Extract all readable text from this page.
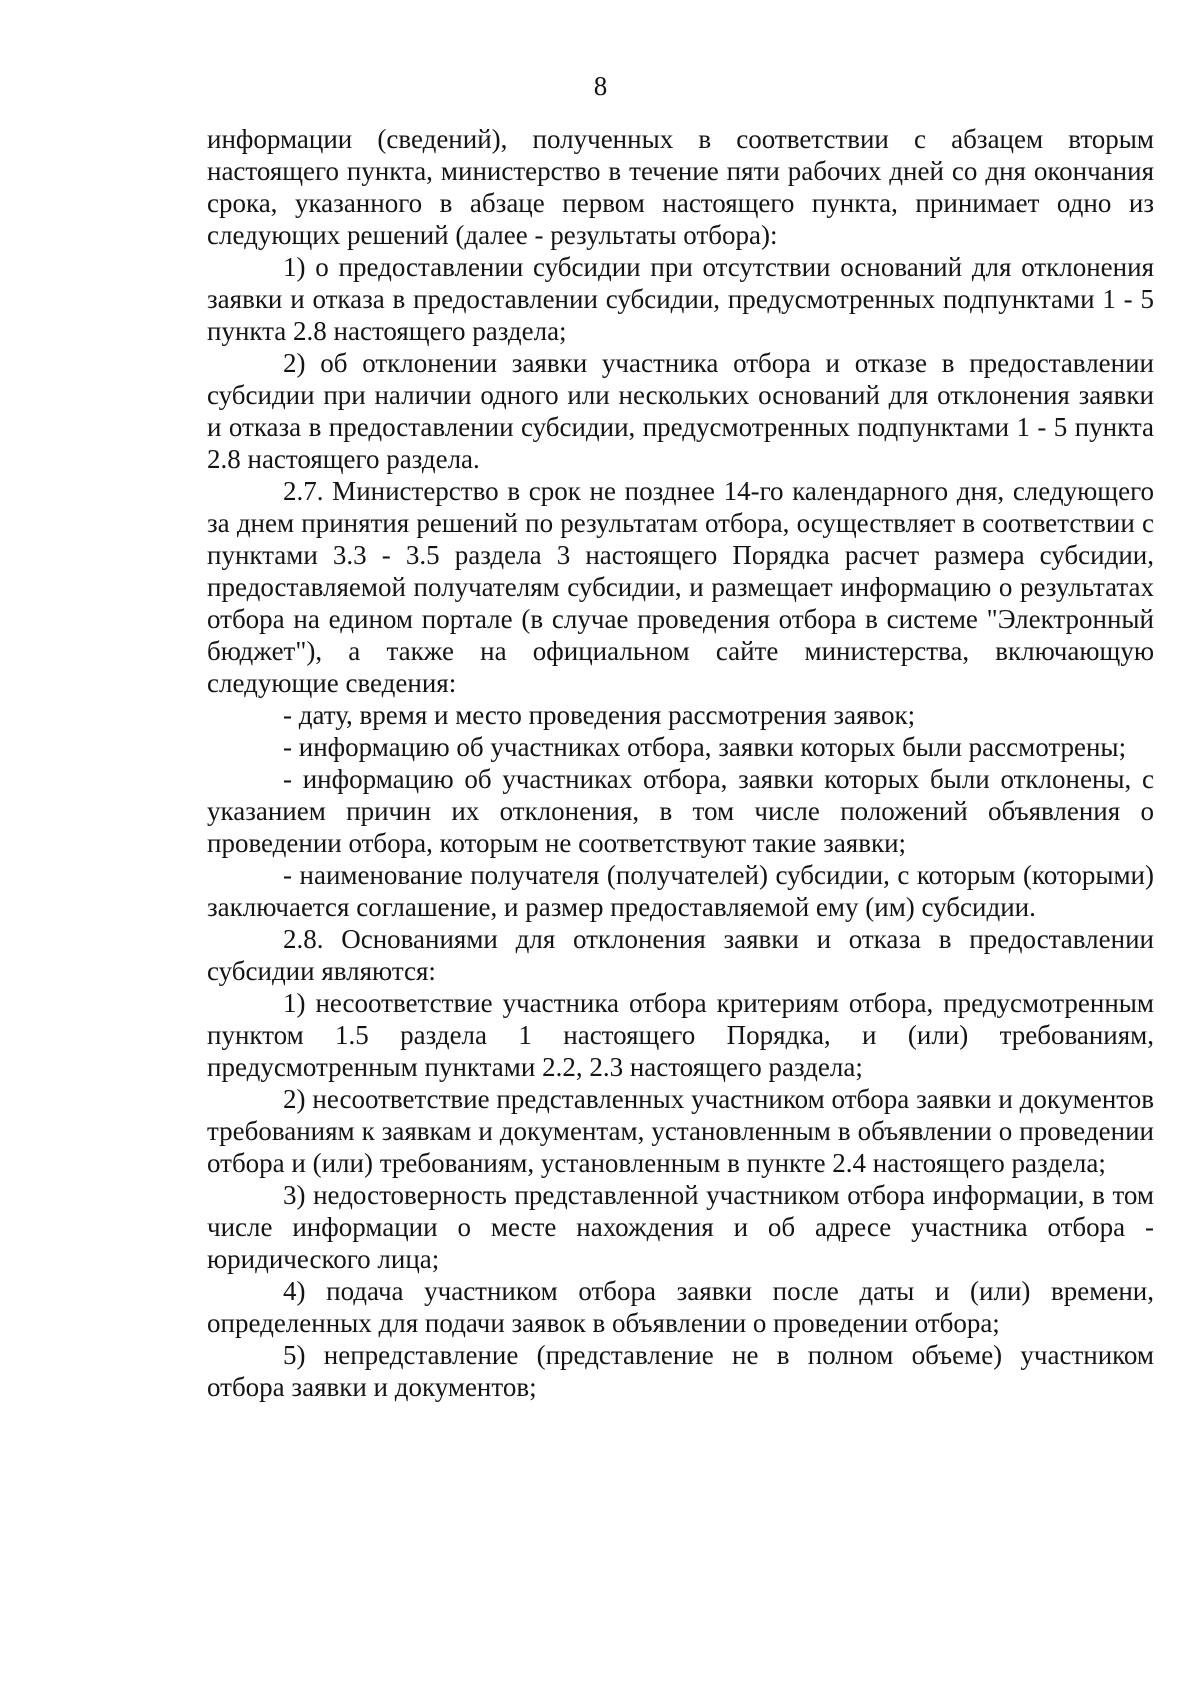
8

информации (сведений), полученных в соответствии с абзацем вторым настоящего пункта, министерство в течение пяти рабочих дней со дня окончания срока, указанного в абзаце первом настоящего пункта, принимает одно из следующих решений (далее - результаты отбора):

1) о предоставлении субсидии при отсутствии оснований для отклонения заявки и отказа в предоставлении субсидии, предусмотренных подпунктами 1 - 5 пункта 2.8 настоящего раздела;

2) об отклонении заявки участника отбора и отказе в предоставлении субсидии при наличии одного или нескольких оснований для отклонения заявки и отказа в предоставлении субсидии, предусмотренных подпунктами 1 - 5 пункта 2.8 настоящего раздела.

2.7. Министерство в срок не позднее 14-го календарного дня, следующего за днем принятия решений по результатам отбора, осуществляет в соответствии с пунктами 3.3 - 3.5 раздела 3 настоящего Порядка расчет размера субсидии, предоставляемой получателям субсидии, и размещает информацию о результатах отбора на едином портале (в случае проведения отбора в системе "Электронный бюджет"), а также на официальном сайте министерства, включающую следующие сведения:

- дату, время и место проведения рассмотрения заявок;

- информацию об участниках отбора, заявки которых были рассмотрены;

- информацию об участниках отбора, заявки которых были отклонены, с указанием причин их отклонения, в том числе положений объявления о проведении отбора, которым не соответствуют такие заявки;

- наименование получателя (получателей) субсидии, с которым (которыми) заключается соглашение, и размер предоставляемой ему (им) субсидии.

2.8. Основаниями для отклонения заявки и отказа в предоставлении субсидии являются:

1) несоответствие участника отбора критериям отбора, предусмотренным пунктом 1.5 раздела 1 настоящего Порядка, и (или) требованиям, предусмотренным пунктами 2.2, 2.3 настоящего раздела;

2) несоответствие представленных участником отбора заявки и документов требованиям к заявкам и документам, установленным в объявлении о проведении отбора и (или) требованиям, установленным в пункте 2.4 настоящего раздела;

3) недостоверность представленной участником отбора информации, в том числе информации о месте нахождения и об адресе участника отбора - юридического лица;

4) подача участником отбора заявки после даты и (или) времени, определенных для подачи заявок в объявлении о проведении отбора;

5) непредставление (представление не в полном объеме) участником отбора заявки и документов;
